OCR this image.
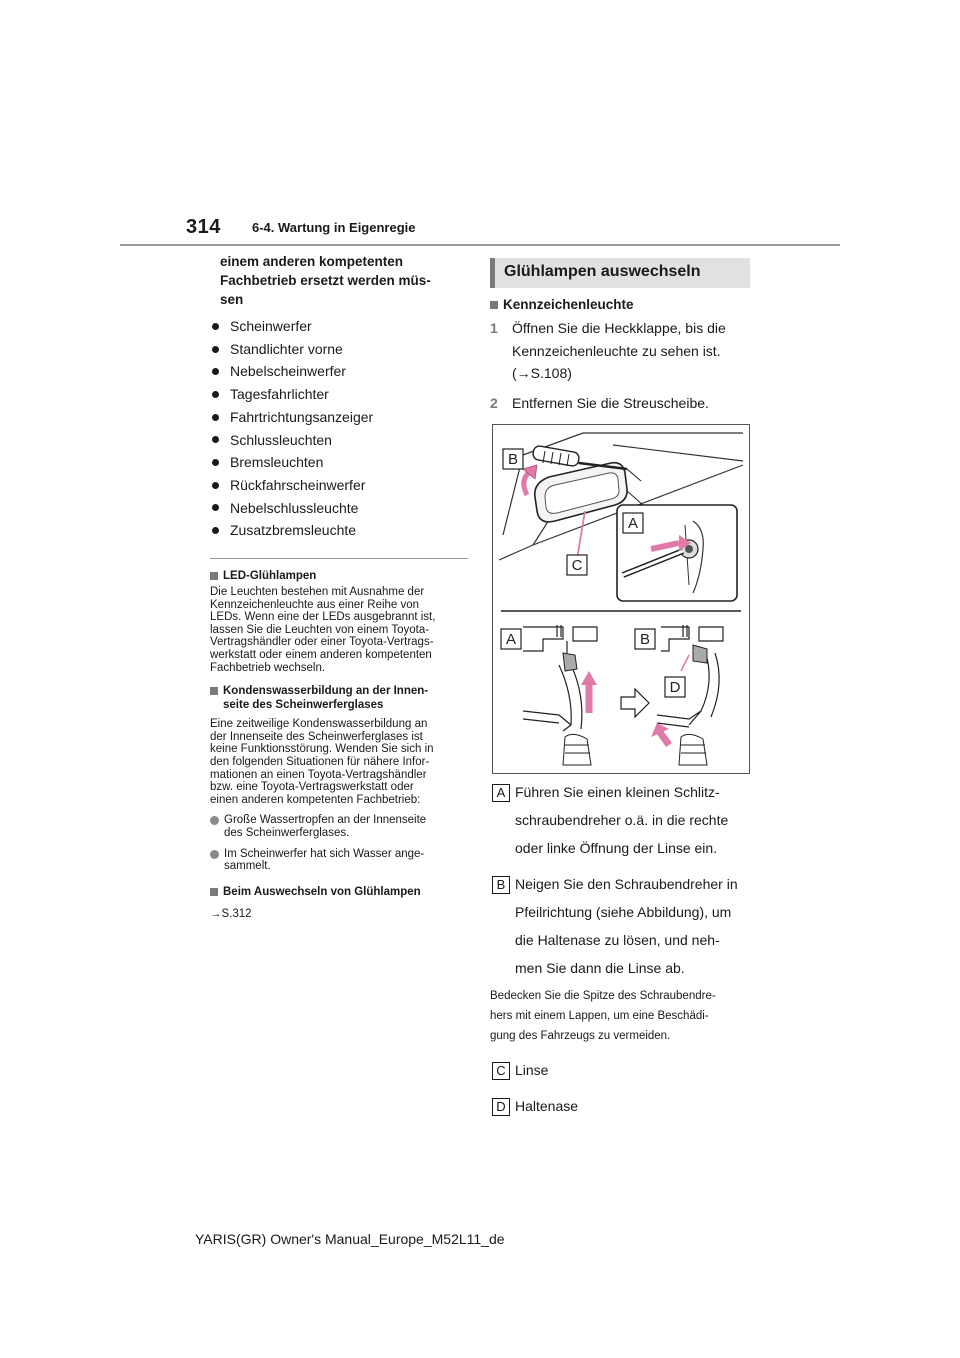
314 6-4. Wartung in Eigenregie
einem anderen kompetenten
Fachbetrieb ersetzt werden müs-
sen
Scheinwerfer
Standlichter vorne
Nebelscheinwerfer
Tagesfahrlichter
Fahrtrichtungsanzeiger
Schlussleuchten
Bremsleuchten
Rückfahrscheinwerfer
Nebelschlussleuchte
Zusatzbremsleuchte
LED-Glühlampen
Die Leuchten bestehen mit Ausnahme der
Kennzeichenleuchte aus einer Reihe von
LEDs. Wenn eine der LEDs ausgebrannt ist,
lassen Sie die Leuchten von einem Toyota-
Vertragshändler oder einer Toyota-Vertrags-
werkstatt oder einem anderen kompetenten
Fachbetrieb wechseln.
Kondenswasserbildung an der Innen-
seite des Scheinwerferglases
Eine zeitweilige Kondenswasserbildung an
der Innenseite des Scheinwerferglases ist
keine Funktionsstörung. Wenden Sie sich in
den folgenden Situationen für nähere Infor-
mationen an einen Toyota-Vertragshändler
bzw. eine Toyota-Vertragswerkstatt oder
einen anderen kompetenten Fachbetrieb:
Große Wassertropfen an der Innenseite
des Scheinwerferglases.
Im Scheinwerfer hat sich Wasser ange-
sammelt.
Beim Auswechseln von Glühlampen
→S.312
Glühlampen auswechseln
Kennzeichenleuchte
1	Öffnen Sie die Heckklappe, bis die
Kennzeichenleuchte zu sehen ist.
(→S.108)
2	Entfernen Sie die Streuscheibe.
B
C
A
A	B
D
A Führen Sie einen kleinen Schlitz-
schraubendreher o.ä. in die rechte
oder linke Öffnung der Linse ein.
B Neigen Sie den Schraubendreher in
Pfeilrichtung (siehe Abbildung), um
die Haltenase zu lösen, und neh-
men Sie dann die Linse ab.
Bedecken Sie die Spitze des Schraubendre-
hers mit einem Lappen, um eine Beschädi-
gung des Fahrzeugs zu vermeiden.
C Linse
D Haltenase
YARIS(GR) Owner's Manual_Europe_M52L11_de
